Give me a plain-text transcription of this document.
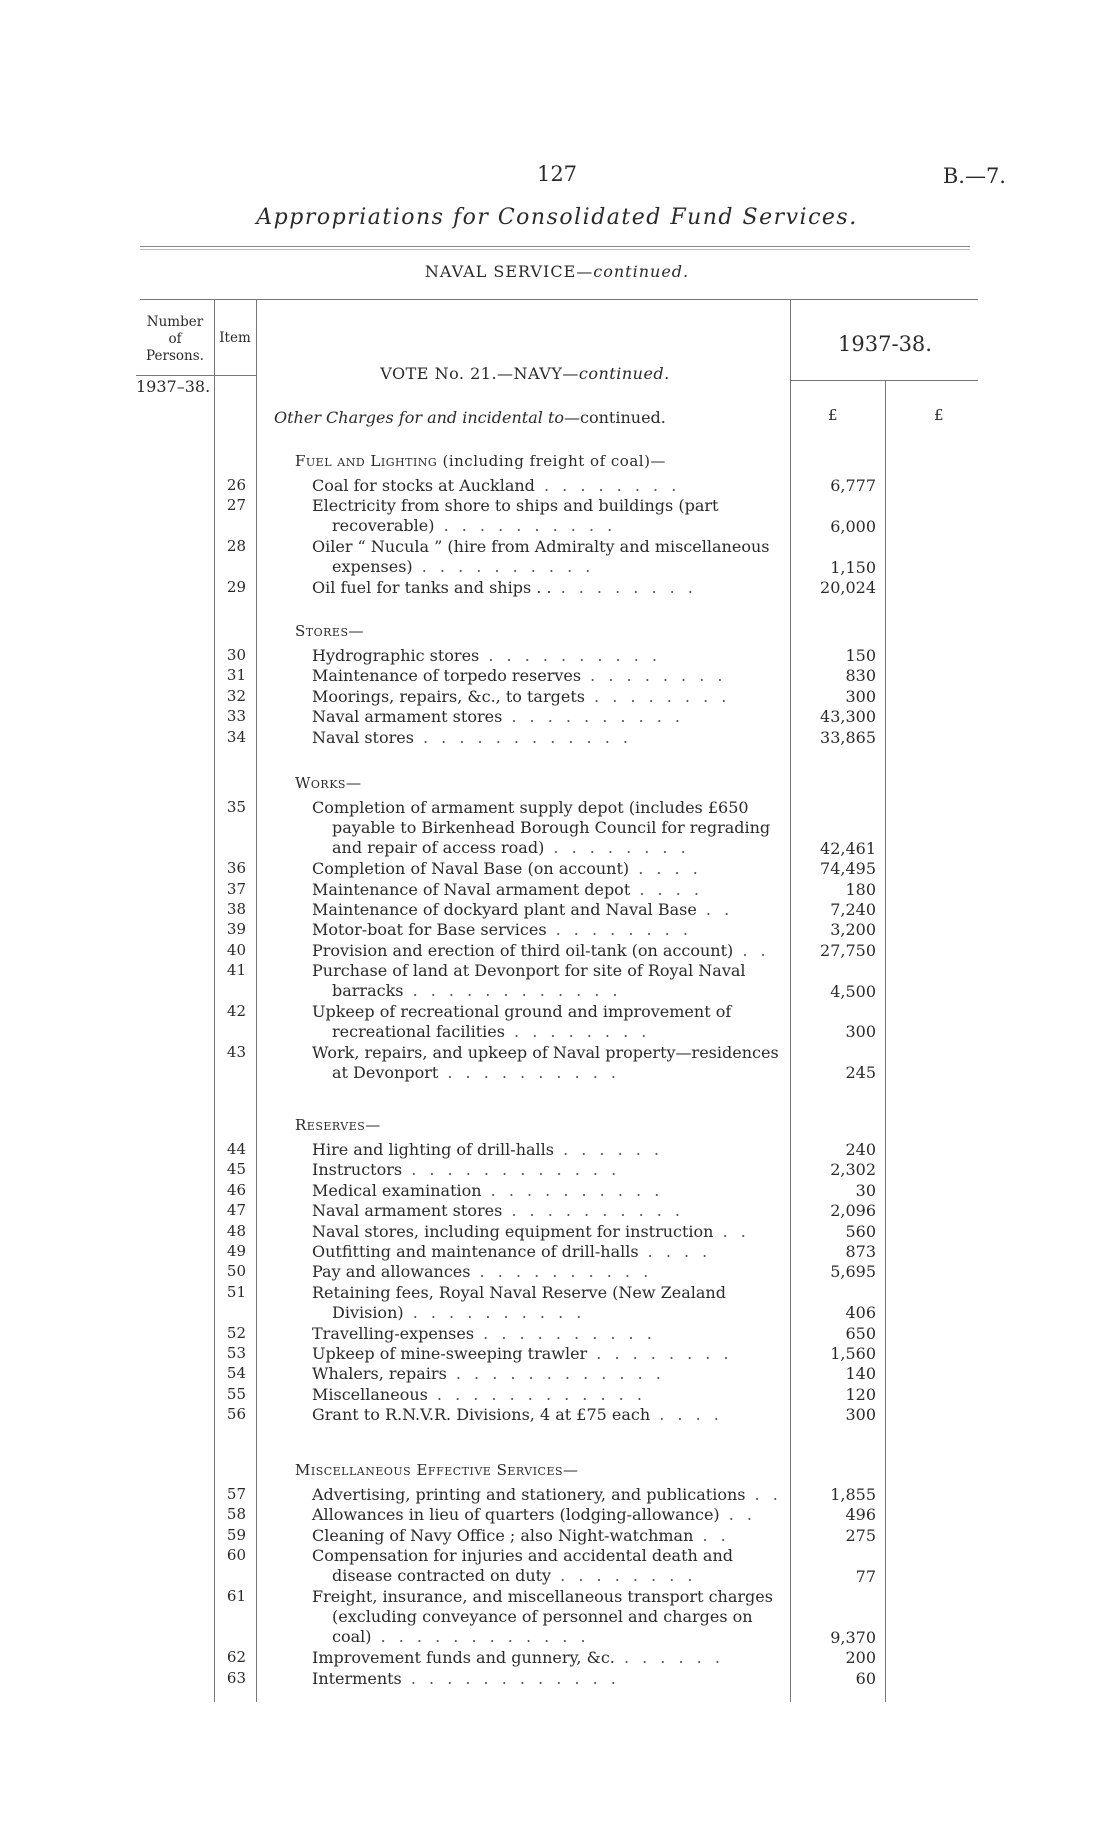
127	B.—7.
Appropriations for Consolidated Fund Services.
NAVAL SERVICE—continued.
Number
of
Persons.
Item	1937-38.
VOTE No. 21.—NAVY—continued.
1937–38.
Other Charges for and incidental to—continued.	£	£
Fuel and Lighting (including freight of coal)—
26	Coal for stocks at Auckland . . . . . . . .	6,777
27	Electricity from shore to ships and buildings (part

recoverable) . . . . . . . . . .	6,000
28	Oiler “ Nucula ” (hire from Admiralty and miscellaneous

expenses) . . . . . . . . . .	1,150
29	Oil fuel for tanks and ships . . . . . . . . . .	20,024
Stores—
30	Hydrographic stores . . . . . . . . . .	150
31	Maintenance of torpedo reserves . . . . . . . .	830
32	Moorings, repairs, &c., to targets . . . . . . . .	300
33	Naval armament stores . . . . . . . . . .	43,300
34	Naval stores . . . . . . . . . . . .	33,865
Works—
35	Completion of armament supply depot (includes £650

payable to Birkenhead Borough Council for regrading
and repair of access road) . . . . . . . .	42,461
36	Completion of Naval Base (on account) . . . .	74,495
37	Maintenance of Naval armament depot . . . .	180
38	Maintenance of dockyard plant and Naval Base . .	7,240
39	Motor-boat for Base services . . . . . . . .	3,200
40	Provision and erection of third oil-tank (on account) . .	27,750
41	Purchase of land at Devonport for site of Royal Naval

barracks . . . . . . . . . . . .	4,500
42	Upkeep of recreational ground and improvement of

recreational facilities . . . . . . . .	300
43	Work, repairs, and upkeep of Naval property—residences

at Devonport . . . . . . . . . .	245
Reserves—
44	Hire and lighting of drill-halls . . . . . .	240
45	Instructors . . . . . . . . . . . .	2,302
46	Medical examination . . . . . . . . . .	30
47	Naval armament stores . . . . . . . . . .	2,096
48	Naval stores, including equipment for instruction . .	560
49	Outfitting and maintenance of drill-halls . . . .	873
50	Pay and allowances . . . . . . . . . .	5,695
51	Retaining fees, Royal Naval Reserve (New Zealand

Division) . . . . . . . . . .	406
52	Travelling-expenses . . . . . . . . . .	650
53	Upkeep of mine-sweeping trawler . . . . . . . .	1,560
54	Whalers, repairs . . . . . . . . . . . .	140
55	Miscellaneous . . . . . . . . . . . .	120
56	Grant to R.N.V.R. Divisions, 4 at £75 each . . . .	300
Miscellaneous Effective Services—
57	Advertising, printing and stationery, and publications . .	1,855
58	Allowances in lieu of quarters (lodging-allowance) . .	496
59	Cleaning of Navy Office ; also Night-watchman . .	275
60	Compensation for injuries and accidental death and

disease contracted on duty . . . . . . . .	77
61	Freight, insurance, and miscellaneous transport charges

(excluding conveyance of personnel and charges on
coal) . . . . . . . . . . . .	9,370
62	Improvement funds and gunnery, &c. . . . . . .	200
63	Interments . . . . . . . . . . . .	60
